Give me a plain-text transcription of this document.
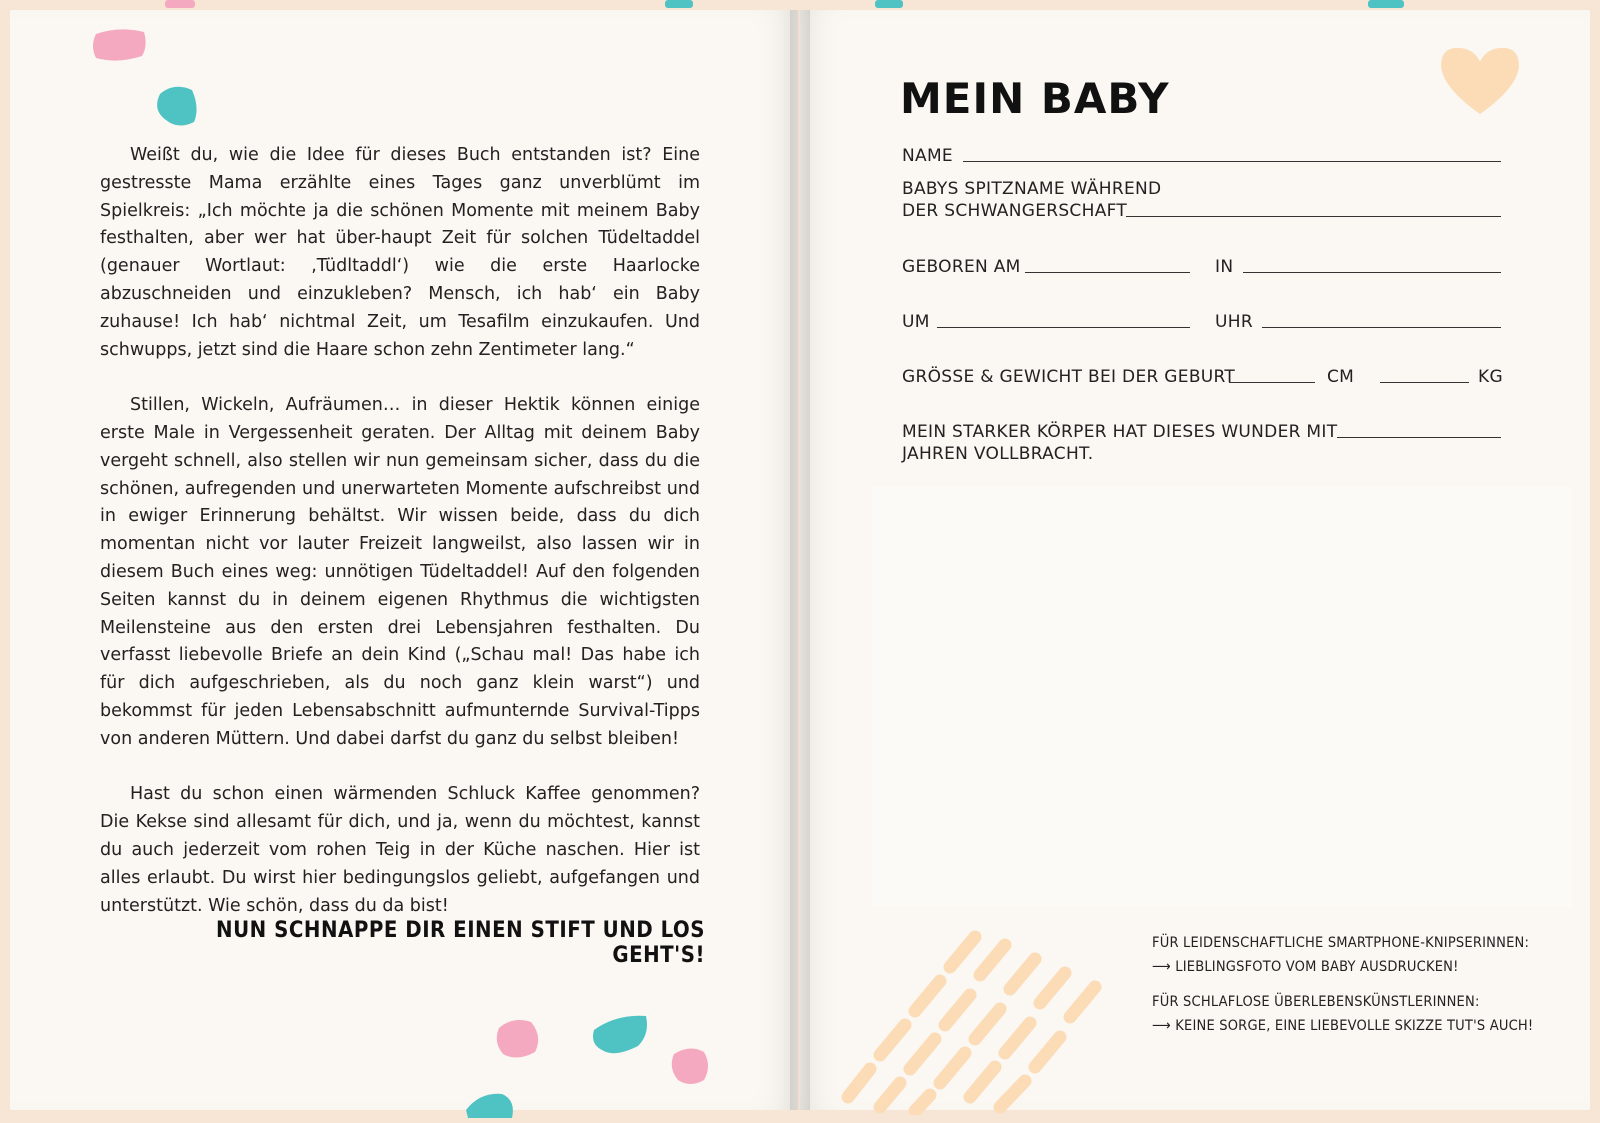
Weißt du, wie die Idee für dieses Buch entstanden ist? Eine gestresste Mama erzählte eines Tages ganz unverblümt im Spielkreis: „Ich möchte ja die schönen Momente mit meinem Baby festhalten, aber wer hat über-haupt Zeit für solchen Tüdeltaddel (genauer Wortlaut: ‚Tüdltaddl‘) wie die erste Haarlocke abzuschneiden und einzukleben? Mensch, ich hab‘ ein Baby zuhause! Ich hab‘ nichtmal Zeit, um Tesafilm einzukaufen. Und schwupps, jetzt sind die Haare schon zehn Zentimeter lang.“

Stillen, Wickeln, Aufräumen… in dieser Hektik können einige erste Male in Vergessenheit geraten. Der Alltag mit deinem Baby vergeht schnell, also stellen wir nun gemeinsam sicher, dass du die schönen, aufregenden und unerwarteten Momente aufschreibst und in ewiger Erinnerung behältst. Wir wissen beide, dass du dich momentan nicht vor lauter Freizeit langweilst, also lassen wir in diesem Buch eines weg: unnötigen Tüdeltaddel! Auf den folgenden Seiten kannst du in deinem eigenen Rhythmus die wichtigsten Meilensteine aus den ersten drei Lebensjahren festhalten. Du verfasst liebevolle Briefe an dein Kind („Schau mal! Das habe ich für dich aufgeschrieben, als du noch ganz klein warst“) und bekommst für jeden Lebensabschnitt aufmunternde Survival-Tipps von anderen Müttern. Und dabei darfst du ganz du selbst bleiben!

Hast du schon einen wärmenden Schluck Kaffee genommen? Die Kekse sind allesamt für dich, und ja, wenn du möchtest, kannst du auch jederzeit vom rohen Teig in der Küche naschen. Hier ist alles erlaubt. Du wirst hier bedingungslos geliebt, aufgefangen und unterstützt. Wie schön, dass du da bist!

NUN SCHNAPPE DIR EINEN STIFT UND LOS GEHT'S!
MEIN BABY
NAME
BABYS SPITZNAME WÄHREND
DER SCHWANGERSCHAFT
GEBOREN AM	IN
UM	UHR
GRÖSSE & GEWICHT BEI DER GEBURT	CM	KG
MEIN STARKER KÖRPER HAT DIESES WUNDER MIT
JAHREN VOLLBRACHT.
FÜR LEIDENSCHAFTLICHE SMARTPHONE-KNIPSERINNEN:
⟶ LIEBLINGSFOTO VOM BABY AUSDRUCKEN!
FÜR SCHLAFLOSE ÜBERLEBENSKÜNSTLERINNEN:
⟶ KEINE SORGE, EINE LIEBEVOLLE SKIZZE TUT'S AUCH!
